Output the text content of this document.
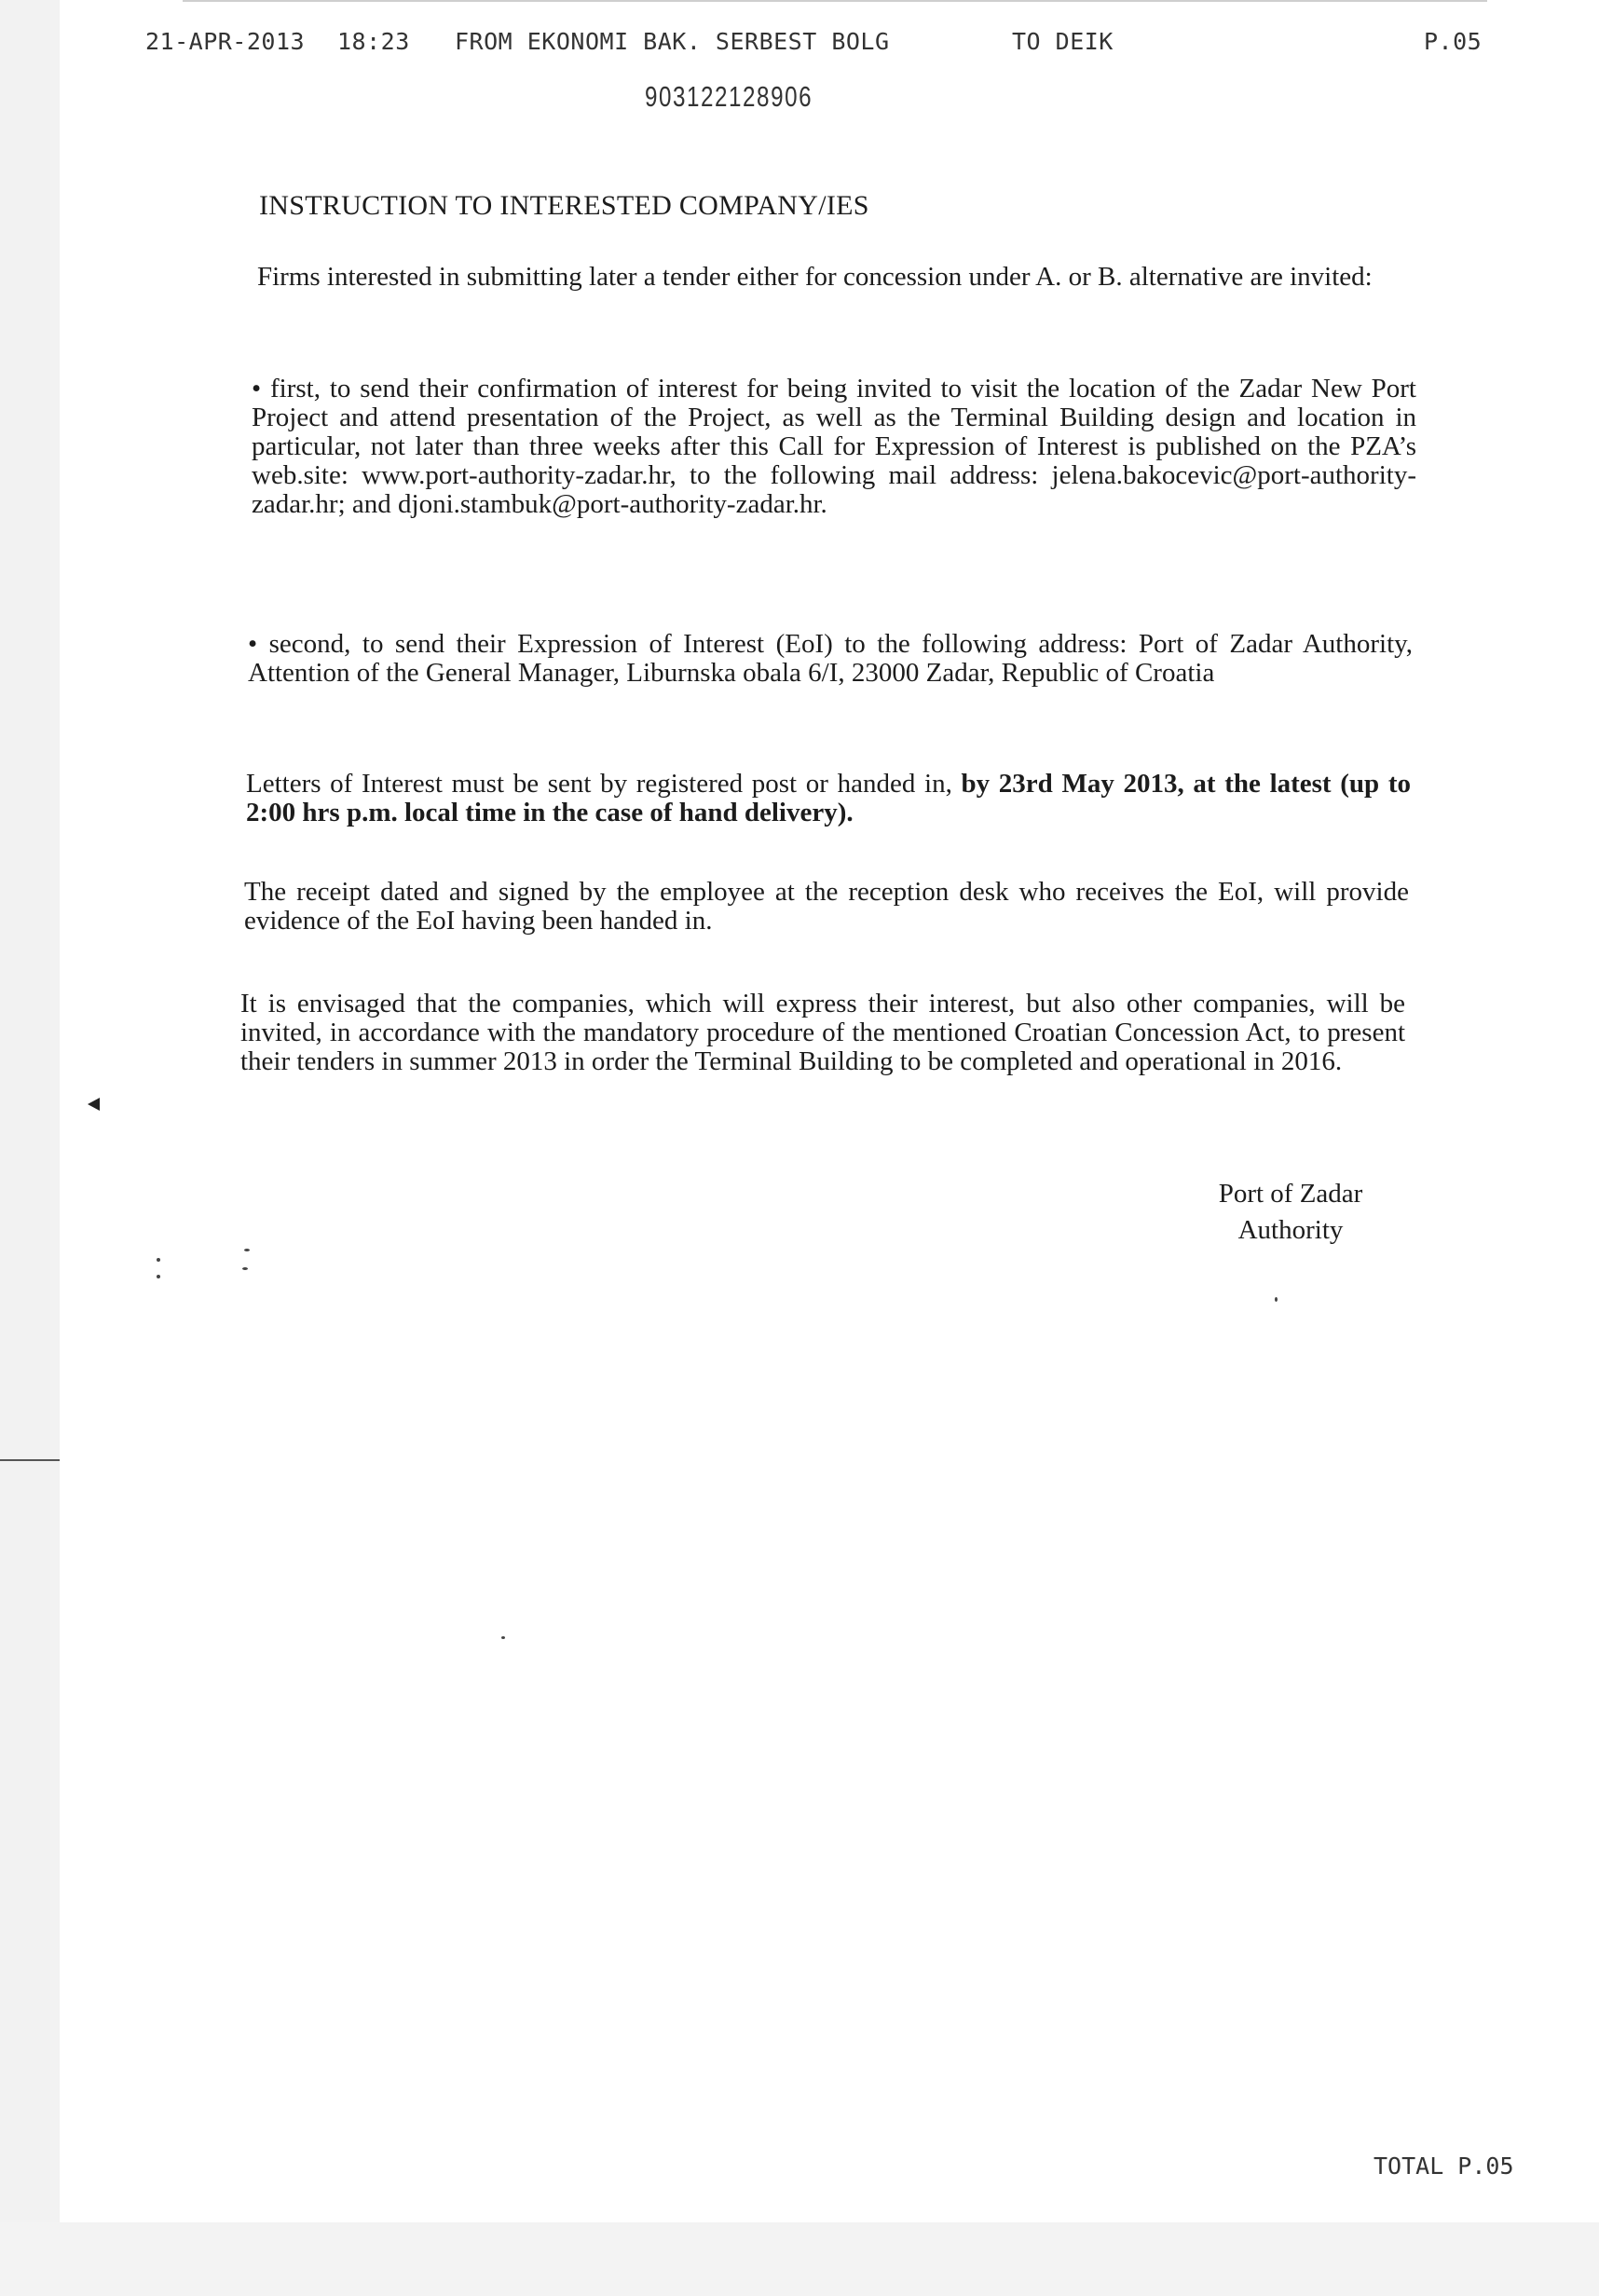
21-APR-2013 18:23 FROM EKONOMI BAK. SERBEST BOLG	TO DEIK	P.05
903122128906
INSTRUCTION TO INTERESTED COMPANY/IES

Firms interested in submitting later a tender either for concession under A. or B. alternative are invited:

• first, to send their confirmation of interest for being invited to visit the location of the Zadar New Port Project and attend presentation of the Project, as well as the Terminal Building design and location in particular, not later than three weeks after this Call for Expression of Interest is published on the PZA’s web.site: www.port-authority-zadar.hr, to the following mail address: jelena.bakocevic@port-authority-zadar.hr; and djoni.stambuk@port-authority-zadar.hr.

• second, to send their Expression of Interest (EoI) to the following address: Port of Zadar Authority, Attention of the General Manager, Liburnska obala 6/I, 23000 Zadar, Republic of Croatia

Letters of Interest must be sent by registered post or handed in, by 23rd May 2013, at the latest (up to 2:00 hrs p.m. local time in the case of hand delivery).

The receipt dated and signed by the employee at the reception desk who receives the EoI, will provide evidence of the EoI having been handed in.

It is envisaged that the companies, which will express their interest, but also other companies, will be invited, in accordance with the mandatory procedure of the mentioned Croatian Concession Act, to present their tenders in summer 2013 in order the Terminal Building to be completed and operational in 2016.

Port of Zadar
Authority
TOTAL P.05
